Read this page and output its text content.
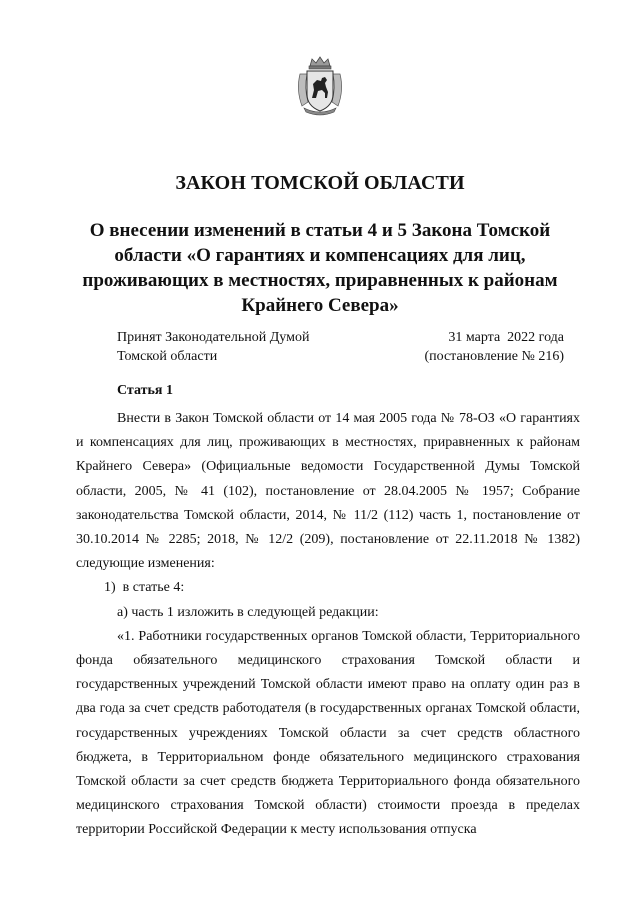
ЗАКОН ТОМСКОЙ ОБЛАСТИ
О внесении изменений в статьи 4 и 5 Закона Томской области «О гарантиях и компенсациях для лиц, проживающих в местностях, приравненных к районам Крайнего Севера»
Принят Законодательной Думой
Томской области
31 марта  2022 года
(постановление № 216)
Статья 1

Внести в Закон Томской области от 14 мая 2005 года № 78-ОЗ «О гарантиях и компенсациях для лиц, проживающих в местностях, приравненных к районам Крайнего Севера» (Официальные ведомости Государственной Думы Томской области, 2005, № 41 (102), постановление от 28.04.2005 № 1957; Собрание законодательства Томской области, 2014, № 11/2 (112) часть 1, постановление от 30.10.2014 № 2285; 2018, № 12/2 (209), постановление от 22.11.2018 № 1382) следующие изменения:

1)  в статье 4:

а) часть 1 изложить в следующей редакции:

«1. Работники государственных органов Томской области, Территориального фонда обязательного медицинского страхования Томской области и государственных учреждений Томской области имеют право на оплату один раз в два года за счет средств работодателя (в государственных органах Томской области, государственных учреждениях Томской области за счет средств областного бюджета, в Территориальном фонде обязательного медицинского страхования Томской области за счет средств бюджета Территориального фонда обязательного медицинского страхования Томской области) стоимости проезда в пределах территории Российской Федерации к месту использования отпуска
